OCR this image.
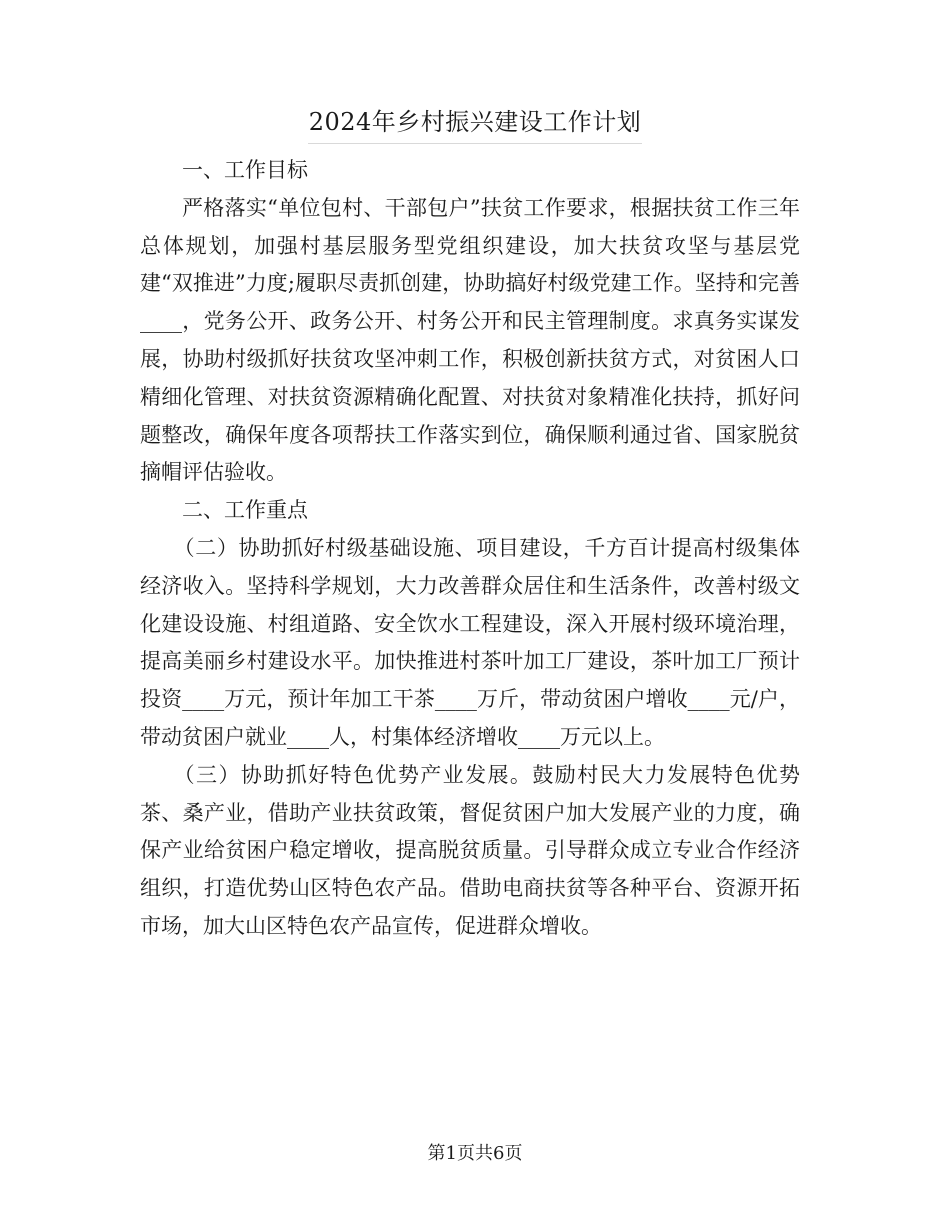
2024年乡村振兴建设工作计划

一、工作目标

严格落实“单位包村、干部包户”扶贫工作要求，根据扶贫工作三年总体规划，加强村基层服务型党组织建设，加大扶贫攻坚与基层党建“双推进”力度;履职尽责抓创建，协助搞好村级党建工作。坚持和完善____，党务公开、政务公开、村务公开和民主管理制度。求真务实谋发展，协助村级抓好扶贫攻坚冲刺工作，积极创新扶贫方式，对贫困人口精细化管理、对扶贫资源精确化配置、对扶贫对象精准化扶持，抓好问题整改，确保年度各项帮扶工作落实到位，确保顺利通过省、国家脱贫摘帽评估验收。

二、工作重点

（二）协助抓好村级基础设施、项目建设，千方百计提高村级集体经济收入。坚持科学规划，大力改善群众居住和生活条件，改善村级文化建设设施、村组道路、安全饮水工程建设，深入开展村级环境治理，提高美丽乡村建设水平。加快推进村茶叶加工厂建设，茶叶加工厂预计投资____万元，预计年加工干茶____万斤，带动贫困户增收____元/户，带动贫困户就业____人，村集体经济增收____万元以上。

（三）协助抓好特色优势产业发展。鼓励村民大力发展特色优势茶、桑产业，借助产业扶贫政策，督促贫困户加大发展产业的力度，确保产业给贫困户稳定增收，提高脱贫质量。引导群众成立专业合作经济组织，打造优势山区特色农产品。借助电商扶贫等各种平台、资源开拓市场，加大山区特色农产品宣传，促进群众增收。

第1页共6页
